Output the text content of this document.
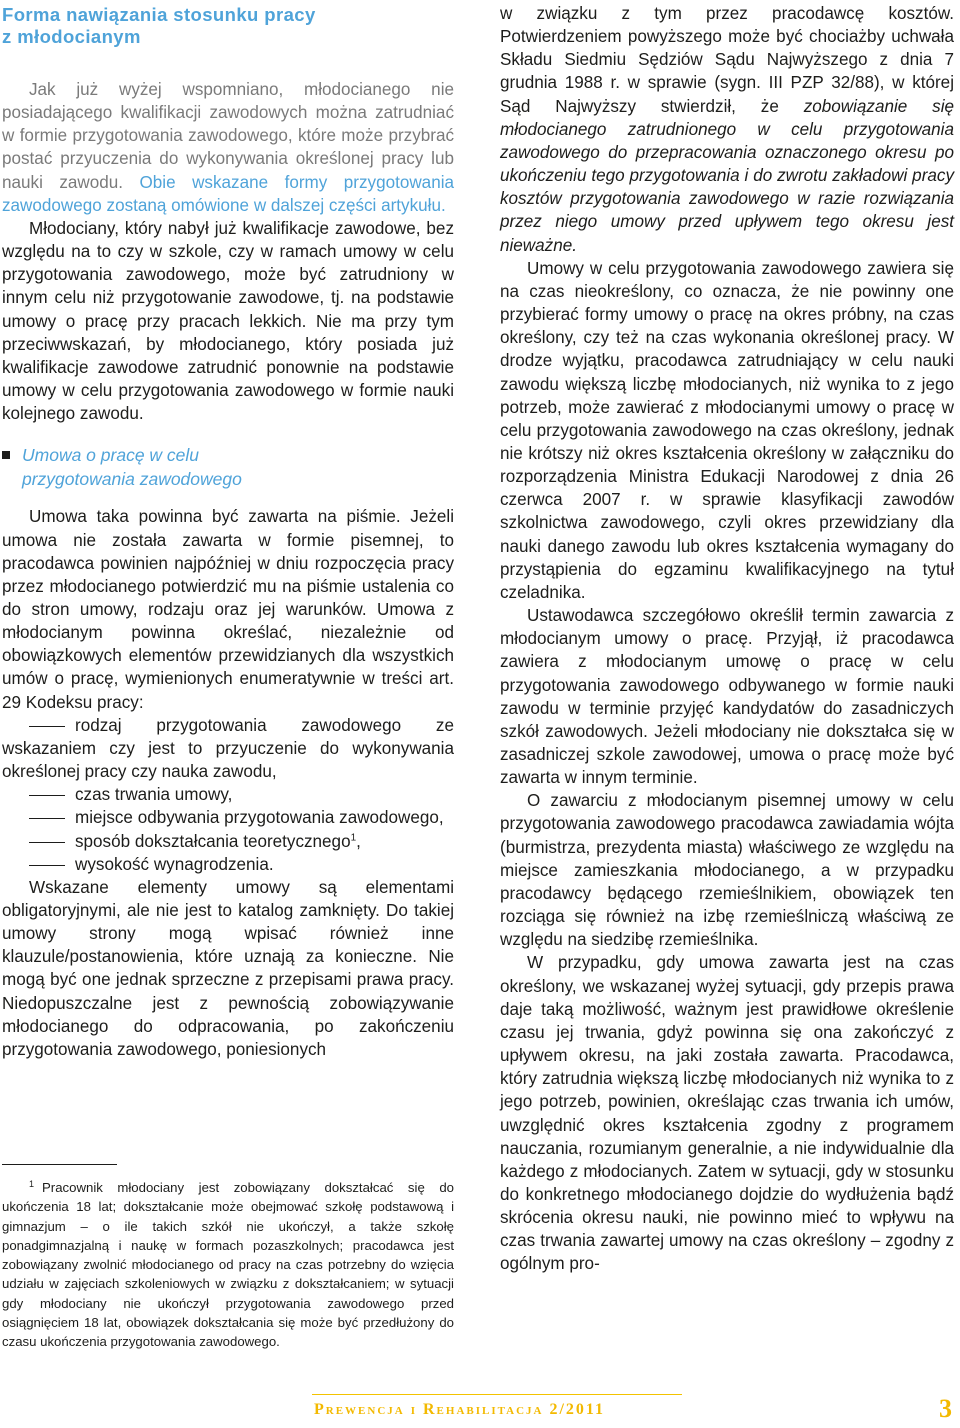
Forma nawiązania stosunku pracy
z młodocianym

Jak już wyżej wspomniano, młodocianego nie posiadającego kwalifikacji zawodowych można zatrudniać w formie przygotowania zawodowego, które może przybrać postać przyuczenia do wykonywania określonej pracy lub nauki zawodu. Obie wskazane formy przygotowania zawodowego zostaną omówione w dalszej części artykułu.

Młodociany, który nabył już kwalifikacje zawodowe, bez względu na to czy w szkole, czy w ramach umowy w celu przygotowania zawodowego, może być zatrudniony w innym celu niż przygotowanie zawodowe, tj. na podstawie umowy o pracę przy pracach lekkich. Nie ma przy tym przeciwwskazań, by młodocianego, który posiada już kwalifikacje zawodowe zatrudnić ponownie na podstawie umowy w celu przygotowania zawodowego w formie nauki kolejnego zawodu.

Umowa o pracę w celu
przygotowania zawodowego

Umowa taka powinna być zawarta na piśmie. Jeżeli umowa nie została zawarta w formie pisemnej, to pracodawca powinien najpóźniej w dniu rozpoczęcia pracy przez młodocianego potwierdzić mu na piśmie ustalenia co do stron umowy, rodzaju oraz jej warunków. Umowa z młodocianym powinna określać, niezależnie od obowiązkowych elementów przewidzianych dla wszystkich umów o pracę, wymienionych enumeratywnie w treści art. 29 Kodeksu pracy:

rodzaj przygotowania zawodowego ze wskazaniem czy jest to przyuczenie do wykonywania określonej pracy czy nauka zawodu,
czas trwania umowy,
miejsce odbywania przygotowania zawodowego,
sposób dokształcania teoretycznego$^1$,
wysokość wynagrodzenia.

Wskazane elementy umowy są elementami obligatoryjnymi, ale nie jest to katalog zamknięty. Do takiej umowy strony mogą wpisać również inne klauzule/postanowienia, które uznają za konieczne. Nie mogą być one jednak sprzeczne z przepisami prawa pracy. Niedopuszczalne jest z pewnością zobowiązywanie młodocianego do odpracowania, po zakończeniu przygotowania zawodowego, poniesionych

$^1$ Pracownik młodociany jest zobowiązany dokształcać się do ukończenia 18 lat; dokształcanie może obejmować szkołę podstawową i gimnazjum – o ile takich szkół nie ukończył, a także szkołę ponadgimnazjalną i naukę w formach pozaszkolnych; pracodawca jest zobowiązany zwolnić młodocianego od pracy na czas potrzebny do wzięcia udziału w zajęciach szkoleniowych w związku z dokształcaniem; w sytuacji gdy młodociany nie ukończył przygotowania zawodowego przed osiągnięciem 18 lat, obowiązek dokształcania się może być przedłużony do czasu ukończenia przygotowania zawodowego.

w związku z tym przez pracodawcę kosztów. Potwierdzeniem powyższego może być chociażby uchwała Składu Siedmiu Sędziów Sądu Najwyższego z dnia 7 grudnia 1988 r. w sprawie (sygn. III PZP 32/88), w której Sąd Najwyższy stwierdził, że zobowiązanie się młodocianego zatrudnionego w celu przygotowania zawodowego do przepracowania oznaczonego okresu po ukończeniu tego przygotowania i do zwrotu zakładowi pracy kosztów przygotowania zawodowego w razie rozwiązania przez niego umowy przed upływem tego okresu jest nieważne.

Umowy w celu przygotowania zawodowego zawiera się na czas nieokreślony, co oznacza, że nie powinny one przybierać formy umowy o pracę na okres próbny, na czas określony, czy też na czas wykonania określonej pracy. W drodze wyjątku, pracodawca zatrudniający w celu nauki zawodu większą liczbę młodocianych, niż wynika to z jego potrzeb, może zawierać z młodocianymi umowy o pracę w celu przygotowania zawodowego na czas określony, jednak nie krótszy niż okres kształcenia określony w załączniku do rozporządzenia Ministra Edukacji Narodowej z dnia 26 czerwca 2007 r. w sprawie klasyfikacji zawodów szkolnictwa zawodowego, czyli okres przewidziany dla nauki danego zawodu lub okres kształcenia wymagany do przystąpienia do egzaminu kwalifikacyjnego na tytuł czeladnika.

Ustawodawca szczegółowo określił termin zawarcia z młodocianym umowy o pracę. Przyjął, iż pracodawca zawiera z młodocianym umowę o pracę w celu przygotowania zawodowego odbywanego w formie nauki zawodu w terminie przyjęć kandydatów do zasadniczych szkół zawodowych. Jeżeli młodociany nie dokształca się w zasadniczej szkole zawodowej, umowa o pracę może być zawarta w innym terminie.

O zawarciu z młodocianym pisemnej umowy w celu przygotowania zawodowego pracodawca zawiadamia wójta (burmistrza, prezydenta miasta) właściwego ze względu na miejsce zamieszkania młodocianego, a w przypadku pracodawcy będącego rzemieślnikiem, obowiązek ten rozciąga się również na izbę rzemieślniczą właściwą ze względu na siedzibę rzemieślnika.

W przypadku, gdy umowa zawarta jest na czas określony, we wskazanej wyżej sytuacji, gdy przepis prawa daje taką możliwość, ważnym jest prawidłowe określenie czasu jej trwania, gdyż powinna się ona zakończyć z upływem okresu, na jaki została zawarta. Pracodawca, który zatrudnia większą liczbę młodocianych niż wynika to z jego potrzeb, powinien, określając czas trwania ich umów, uwzględnić okres kształcenia zgodny z programem nauczania, rozumianym generalnie, a nie indywidualnie dla każdego z młodocianych. Zatem w sytuacji, gdy w stosunku do konkretnego młodocianego dojdzie do wydłużenia bądź skrócenia okresu nauki, nie powinno mieć to wpływu na czas trwania zawartej umowy na czas określony – zgodny z ogólnym pro-

Prewencja i Rehabilitacja 2/2011	3
